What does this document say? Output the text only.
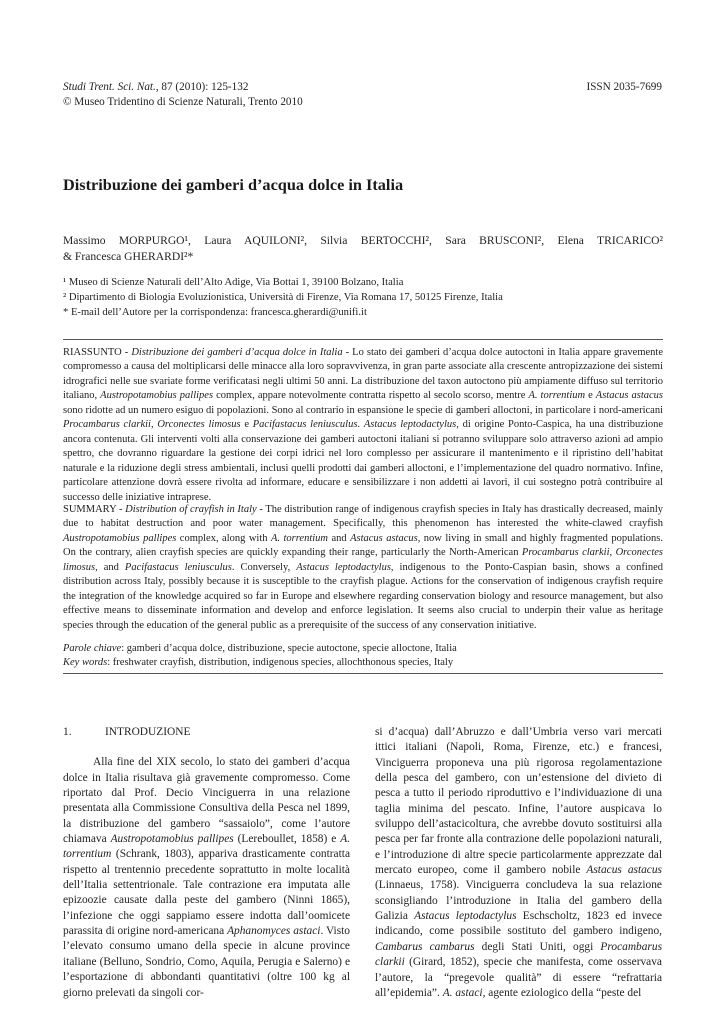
Studi Trent. Sci. Nat., 87 (2010): 125-132
© Museo Tridentino di Scienze Naturali, Trento 2010
ISSN 2035-7699
Distribuzione dei gamberi d’acqua dolce in Italia
Massimo MORPURGO¹, Laura AQUILONI², Silvia BERTOCCHI², Sara BRUSCONI², Elena TRICARICO²
& Francesca GHERARDI²*

¹ Museo di Scienze Naturali dell’Alto Adige, Via Bottai 1, 39100 Bolzano, Italia

² Dipartimento di Biologia Evoluzionistica, Università di Firenze, Via Romana 17, 50125 Firenze, Italia

* E-mail dell’Autore per la corrispondenza: francesca.gherardi@unifi.it

RIASSUNTO - Distribuzione dei gamberi d’acqua dolce in Italia - Lo stato dei gamberi d’acqua dolce autoctoni in Italia appare gravemente compromesso a causa del moltiplicarsi delle minacce alla loro sopravvivenza, in gran parte associate alla crescente antropizzazione dei sistemi idrografici nelle sue svariate forme verificatasi negli ultimi 50 anni. La distribuzione del taxon autoctono più ampiamente diffuso sul territorio italiano, Austropotamobius pallipes complex, appare notevolmente contratta rispetto al secolo scorso, mentre A. torrentium e Astacus astacus sono ridotte ad un numero esiguo di popolazioni. Sono al contrario in espansione le specie di gamberi alloctoni, in particolare i nord-americani Procambarus clarkii, Orconectes limosus e Pacifastacus leniusculus. Astacus leptodactylus, di origine Ponto-Caspica, ha una distribuzione ancora contenuta. Gli interventi volti alla conservazione dei gamberi autoctoni italiani si potranno sviluppare solo attraverso azioni ad ampio spettro, che dovranno riguardare la gestione dei corpi idrici nel loro complesso per assicurare il mantenimento e il ripristino dell’habitat naturale e la riduzione degli stress ambientali, inclusi quelli prodotti dai gamberi alloctoni, e l’implementazione del quadro normativo. Infine, particolare attenzione dovrà essere rivolta ad informare, educare e sensibilizzare i non addetti ai lavori, il cui sostegno potrà contribuire al successo delle iniziative intraprese.

SUMMARY - Distribution of crayfish in Italy - The distribution range of indigenous crayfish species in Italy has drastically decreased, mainly due to habitat destruction and poor water management. Specifically, this phenomenon has interested the white-clawed crayfish Austropotamobius pallipes complex, along with A. torrentium and Astacus astacus, now living in small and highly fragmented populations. On the contrary, alien crayfish species are quickly expanding their range, particularly the North-American Procambarus clarkii, Orconectes limosus, and Pacifastacus leniusculus. Conversely, Astacus leptodactylus, indigenous to the Ponto-Caspian basin, shows a confined distribution across Italy, possibly because it is susceptible to the crayfish plague. Actions for the conservation of indigenous crayfish require the integration of the knowledge acquired so far in Europe and elsewhere regarding conservation biology and resource management, but also effective means to disseminate information and develop and enforce legislation. It seems also crucial to underpin their value as heritage species through the education of the general public as a prerequisite of the success of any conservation initiative.

Parole chiave: gamberi d’acqua dolce, distribuzione, specie autoctone, specie alloctone, Italia

Key words: freshwater crayfish, distribution, indigenous species, allochthonous species, Italy

1.	INTRODUZIONE

Alla fine del XIX secolo, lo stato dei gamberi d’acqua dolce in Italia risultava già gravemente compromesso. Come riportato dal Prof. Decio Vinciguerra in una relazione presentata alla Commissione Consultiva della Pesca nel 1899, la distribuzione del gambero “sassaiolo”, come l’autore chiamava Austropotamobius pallipes (Lereboullet, 1858) e A. torrentium (Schrank, 1803), appariva drasticamente contratta rispetto al trentennio precedente soprattutto in molte località dell’Italia settentrionale. Tale contrazione era imputata alle epizoozie causate dalla peste del gambero (Ninni 1865), l’infezione che oggi sappiamo essere indotta dall’oomicete parassita di origine nord-americana Aphanomyces astaci. Visto l’elevato consumo umano della specie in alcune province italiane (Belluno, Sondrio, Como, Aquila, Perugia e Salerno) e l’esportazione di abbondanti quantitativi (oltre 100 kg al giorno prelevati da singoli cor-

si d’acqua) dall’Abruzzo e dall’Umbria verso vari mercati ittici italiani (Napoli, Roma, Firenze, etc.) e francesi, Vinciguerra proponeva una più rigorosa regolamentazione della pesca del gambero, con un’estensione del divieto di pesca a tutto il periodo riproduttivo e l’individuazione di una taglia minima del pescato. Infine, l’autore auspicava lo sviluppo dell’astacicoltura, che avrebbe dovuto sostituirsi alla pesca per far fronte alla contrazione delle popolazioni naturali, e l’introduzione di altre specie particolarmente apprezzate dal mercato europeo, come il gambero nobile Astacus astacus (Linnaeus, 1758). Vinciguerra concludeva la sua relazione sconsigliando l’introduzione in Italia del gambero della Galizia Astacus leptodactylus Eschscholtz, 1823 ed invece indicando, come possibile sostituto del gambero indigeno, Cambarus cambarus degli Stati Uniti, oggi Procambarus clarkii (Girard, 1852), specie che manifesta, come osservava l’autore, la “pregevole qualità” di essere “refrattaria all’epidemia”. A. astaci, agente eziologico della “peste del
